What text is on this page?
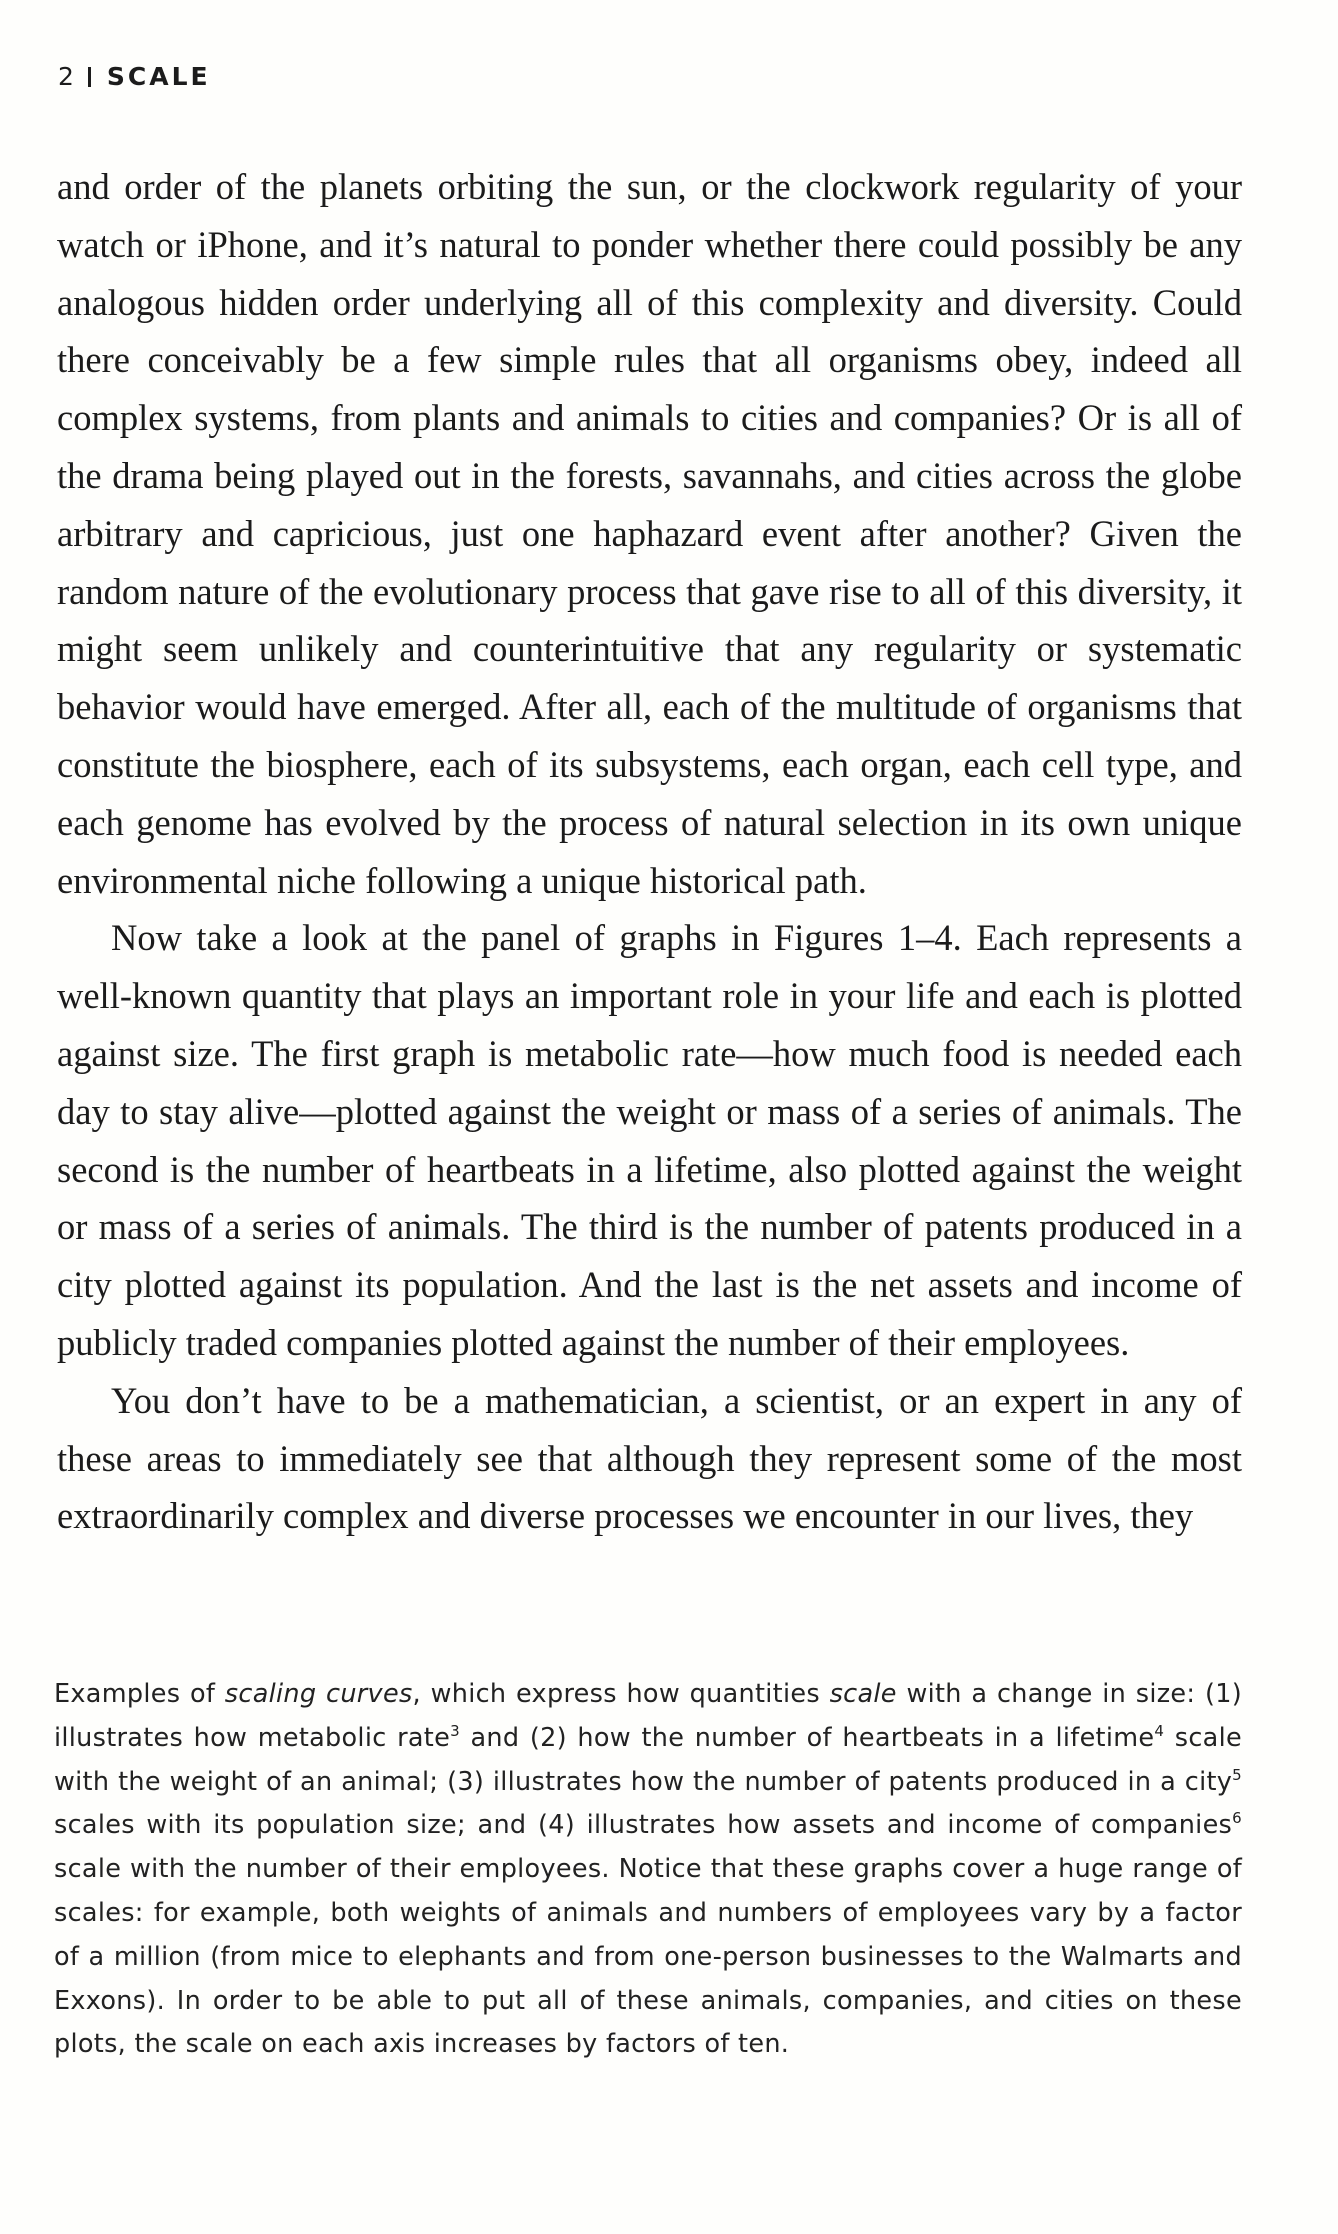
2 SCALE

and order of the planets orbiting the sun, or the clockwork regularity of your watch or iPhone, and it’s natural to ponder whether there could possibly be any analogous hidden order underlying all of this complexity and diversity. Could there conceivably be a few simple rules that all organisms obey, indeed all complex systems, from plants and animals to cities and companies? Or is all of the drama being played out in the forests, savannahs, and cities across the globe arbitrary and capricious, just one haphazard event after another? Given the random nature of the evolutionary process that gave rise to all of this diversity, it might seem unlikely and counterintuitive that any regularity or systematic behavior would have emerged. After all, each of the multitude of organisms that constitute the biosphere, each of its subsystems, each organ, each cell type, and each genome has evolved by the process of natural selection in its own unique environmental niche following a unique historical path.

Now take a look at the panel of graphs in Figures 1–4. Each represents a well-known quantity that plays an important role in your life and each is plotted against size. The first graph is metabolic rate—how much food is needed each day to stay alive—plotted against the weight or mass of a series of animals. The second is the number of heartbeats in a lifetime, also plotted against the weight or mass of a series of animals. The third is the number of patents produced in a city plotted against its population. And the last is the net assets and income of publicly traded companies plotted against the number of their employees.

You don’t have to be a mathematician, a scientist, or an expert in any of these areas to immediately see that although they represent some of the most extraordinarily complex and diverse processes we encounter in our lives, they

Examples of scaling curves, which express how quantities scale with a change in size: (1) illustrates how metabolic rate$^3$ and (2) how the number of heartbeats in a lifetime$^4$ scale with the weight of an animal; (3) illustrates how the number of patents produced in a city$^5$ scales with its population size; and (4) illustrates how assets and income of companies$^6$ scale with the number of their employees. Notice that these graphs cover a huge range of scales: for example, both weights of animals and numbers of employees vary by a factor of a million (from mice to elephants and from one-person businesses to the Walmarts and Exxons). In order to be able to put all of these animals, companies, and cities on these plots, the scale on each axis increases by factors of ten.
